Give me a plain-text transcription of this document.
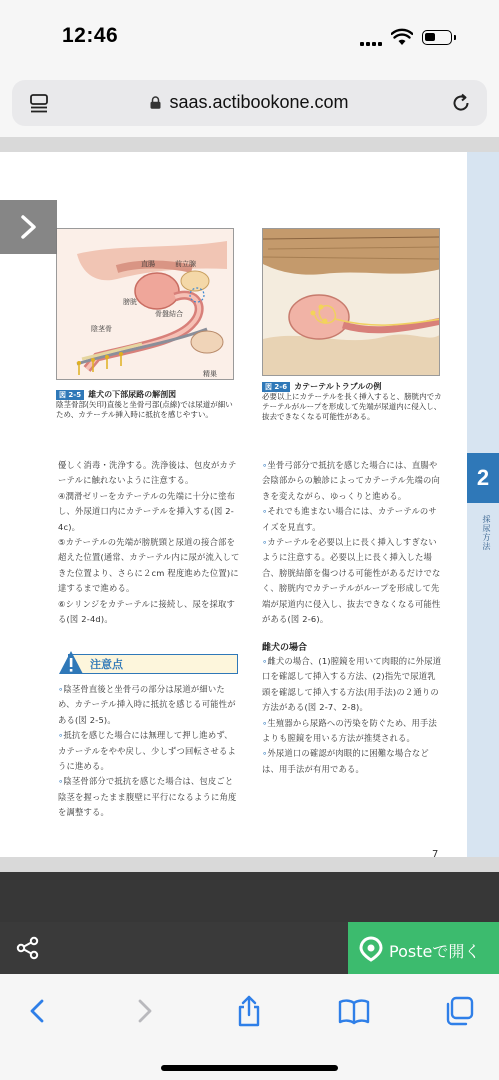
12:46
saas.actibookone.com
直腸	前立腺
膀胱
骨盤結合
陰茎骨
精巣
図 2-5 雄犬の下部尿路の解剖図
陰茎骨部(矢印)直後と坐骨弓部(点線)では尿道が細いため、カテーテル挿入時に抵抗を感じやすい。
図 2-6 カテーテルトラブルの例
必要以上にカテーテルを長く挿入すると、膀胱内でカテーテルがループを形成して先端が尿道内に侵入し、抜去できなくなる可能性がある。

優しく消毒・洗浄する。洗浄後は、包皮がカテーテルに触れないように注意する。

④潤滑ゼリーをカテーテルの先端に十分に塗布し、外尿道口内にカテーテルを挿入する(図 2-4c)。

⑤カテーテルの先端が膀胱頸と尿道の接合部を超えた位置(通常、カテーテル内に尿が流入してきた位置より、さらに２cm 程度進めた位置)に達するまで進める。

⑥シリンジをカテーテルに接続し、尿を採取する(図 2-4d)。

注意点

∘陰茎骨直後と坐骨弓の部分は尿道が細いため、カテーテル挿入時に抵抗を感じる可能性がある(図 2-5)。

∘抵抗を感じた場合には無理して押し進めず、カテーテルをやや戻し、少しずつ回転させるように進める。

∘陰茎骨部分で抵抗を感じた場合は、包皮ごと陰茎を握ったまま腹壁に平行になるように角度を調整する。

∘坐骨弓部分で抵抗を感じた場合には、直腸や会陰部からの触診によってカテーテル先端の向きを変えながら、ゆっくりと進める。

∘それでも進まない場合には、カテーテルのサイズを見直す。

∘カテーテルを必要以上に長く挿入しすぎないように注意する。必要以上に長く挿入した場合、膀胱結節を傷つける可能性があるだけでなく、膀胱内でカテーテルがループを形成して先端が尿道内に侵入し、抜去できなくなる可能性がある(図 2-6)。

雌犬の場合

∘雌犬の場合、(1)膣鏡を用いて肉眼的に外尿道口を確認して挿入する方法、(2)指先で尿道乳頭を確認して挿入する方法(用手法)の２通りの方法がある(図 2-7、2-8)。

∘生殖器から尿路への汚染を防ぐため、用手法よりも膣鏡を用いる方法が推奨される。

∘外尿道口の確認が肉眼的に困難な場合などは、用手法が有用である。

7
2
採尿方法
Posteで開く
